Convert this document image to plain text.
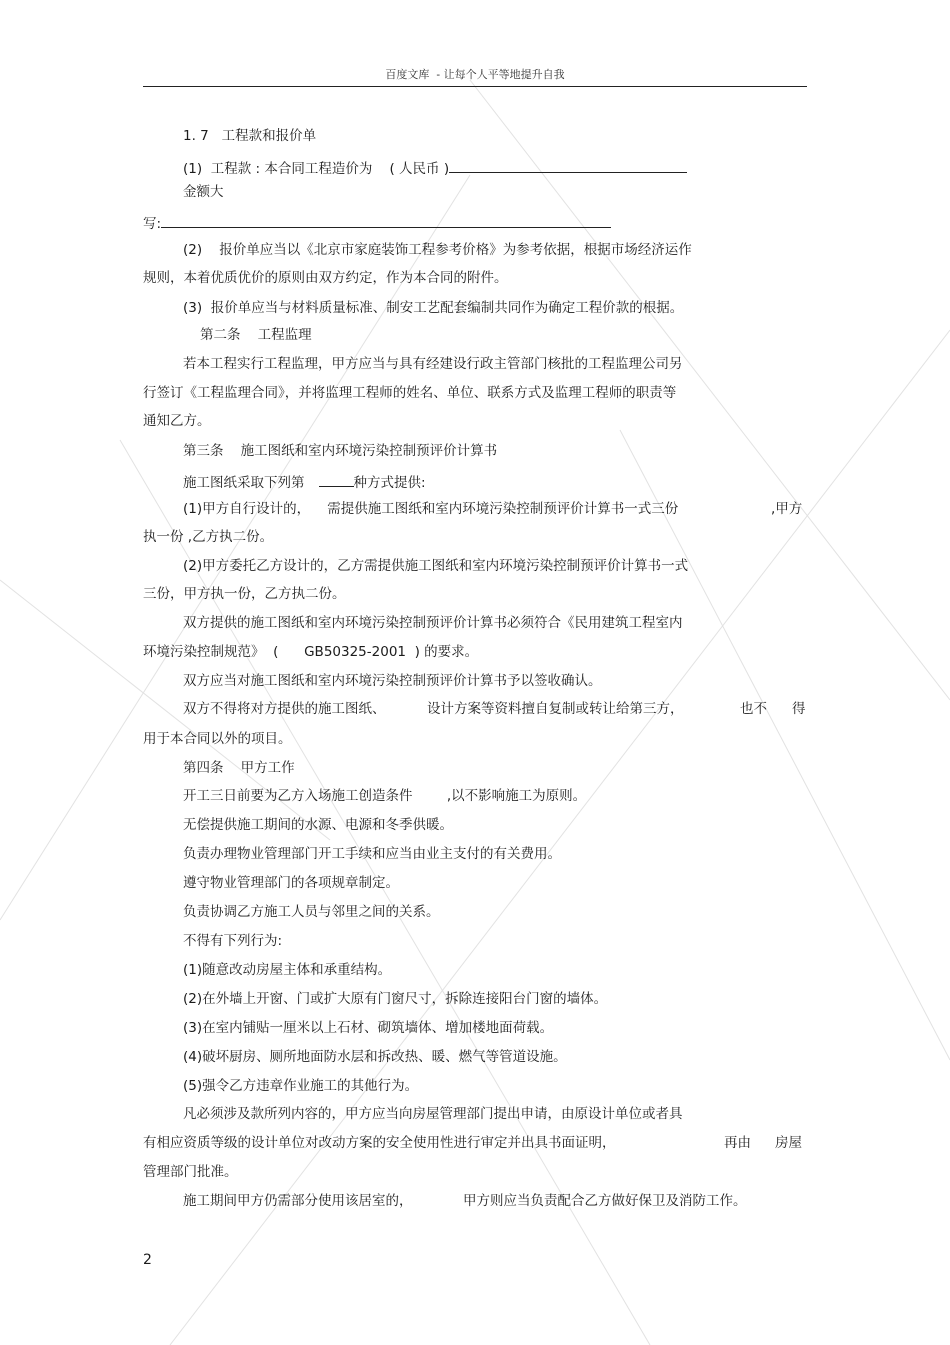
百度文库  - 让每个人平等地提升自我
1. 7   工程款和报价单
(1)  工程款 : 本合同工程造价为    ( 人民币 )
金额大
写:
(2)    报价单应当以《北京市家庭装饰工程参考价格》为参考依据，根据市场经济运作
规则，本着优质优价的原则由双方约定，作为本合同的附件。
(3)  报价单应当与材料质量标准、制安工艺配套编制共同作为确定工程价款的根据。
第二条    工程监理
若本工程实行工程监理，甲方应当与具有经建设行政主管部门核批的工程监理公司另
行签订《工程监理合同》，并将监理工程师的姓名、单位、联系方式及监理工程师的职责等
通知乙方。
第三条    施工图纸和室内环境污染控制预评价计算书
施工图纸采取下列第	种方式提供:
(1)甲方自行设计的，    需提供施工图纸和室内环境污染控制预评价计算书一式三份	,甲方
执一份 ,乙方执二份。
(2)甲方委托乙方设计的，乙方需提供施工图纸和室内环境污染控制预评价计算书一式
三份，甲方执一份，乙方执二份。
双方提供的施工图纸和室内环境污染控制预评价计算书必须符合《民用建筑工程室内
环境污染控制规范》  (      GB50325-2001  ) 的要求。
双方应当对施工图纸和室内环境污染控制预评价计算书予以签收确认。
双方不得将对方提供的施工图纸、	设计方案等资料擅自复制或转让给第三方，	也不 得
用于本合同以外的项目。
第四条    甲方工作
开工三日前要为乙方入场施工创造条件        ,以不影响施工为原则。
无偿提供施工期间的水源、电源和冬季供暖。
负责办理物业管理部门开工手续和应当由业主支付的有关费用。
遵守物业管理部门的各项规章制定。
负责协调乙方施工人员与邻里之间的关系。
不得有下列行为:
(1)随意改动房屋主体和承重结构。
(2)在外墙上开窗、门或扩大原有门窗尺寸，拆除连接阳台门窗的墙体。
(3)在室内铺贴一厘米以上石材、砌筑墙体、增加楼地面荷载。
(4)破坏厨房、厕所地面防水层和拆改热、暖、燃气等管道设施。
(5)强令乙方违章作业施工的其他行为。
凡必须涉及款所列内容的，甲方应当向房屋管理部门提出申请，由原设计单位或者具
有相应资质等级的设计单位对改动方案的安全使用性进行审定并出具书面证明，	再由 房屋
管理部门批准。
施工期间甲方仍需部分使用该居室的，	甲方则应当负责配合乙方做好保卫及消防工作。
2
